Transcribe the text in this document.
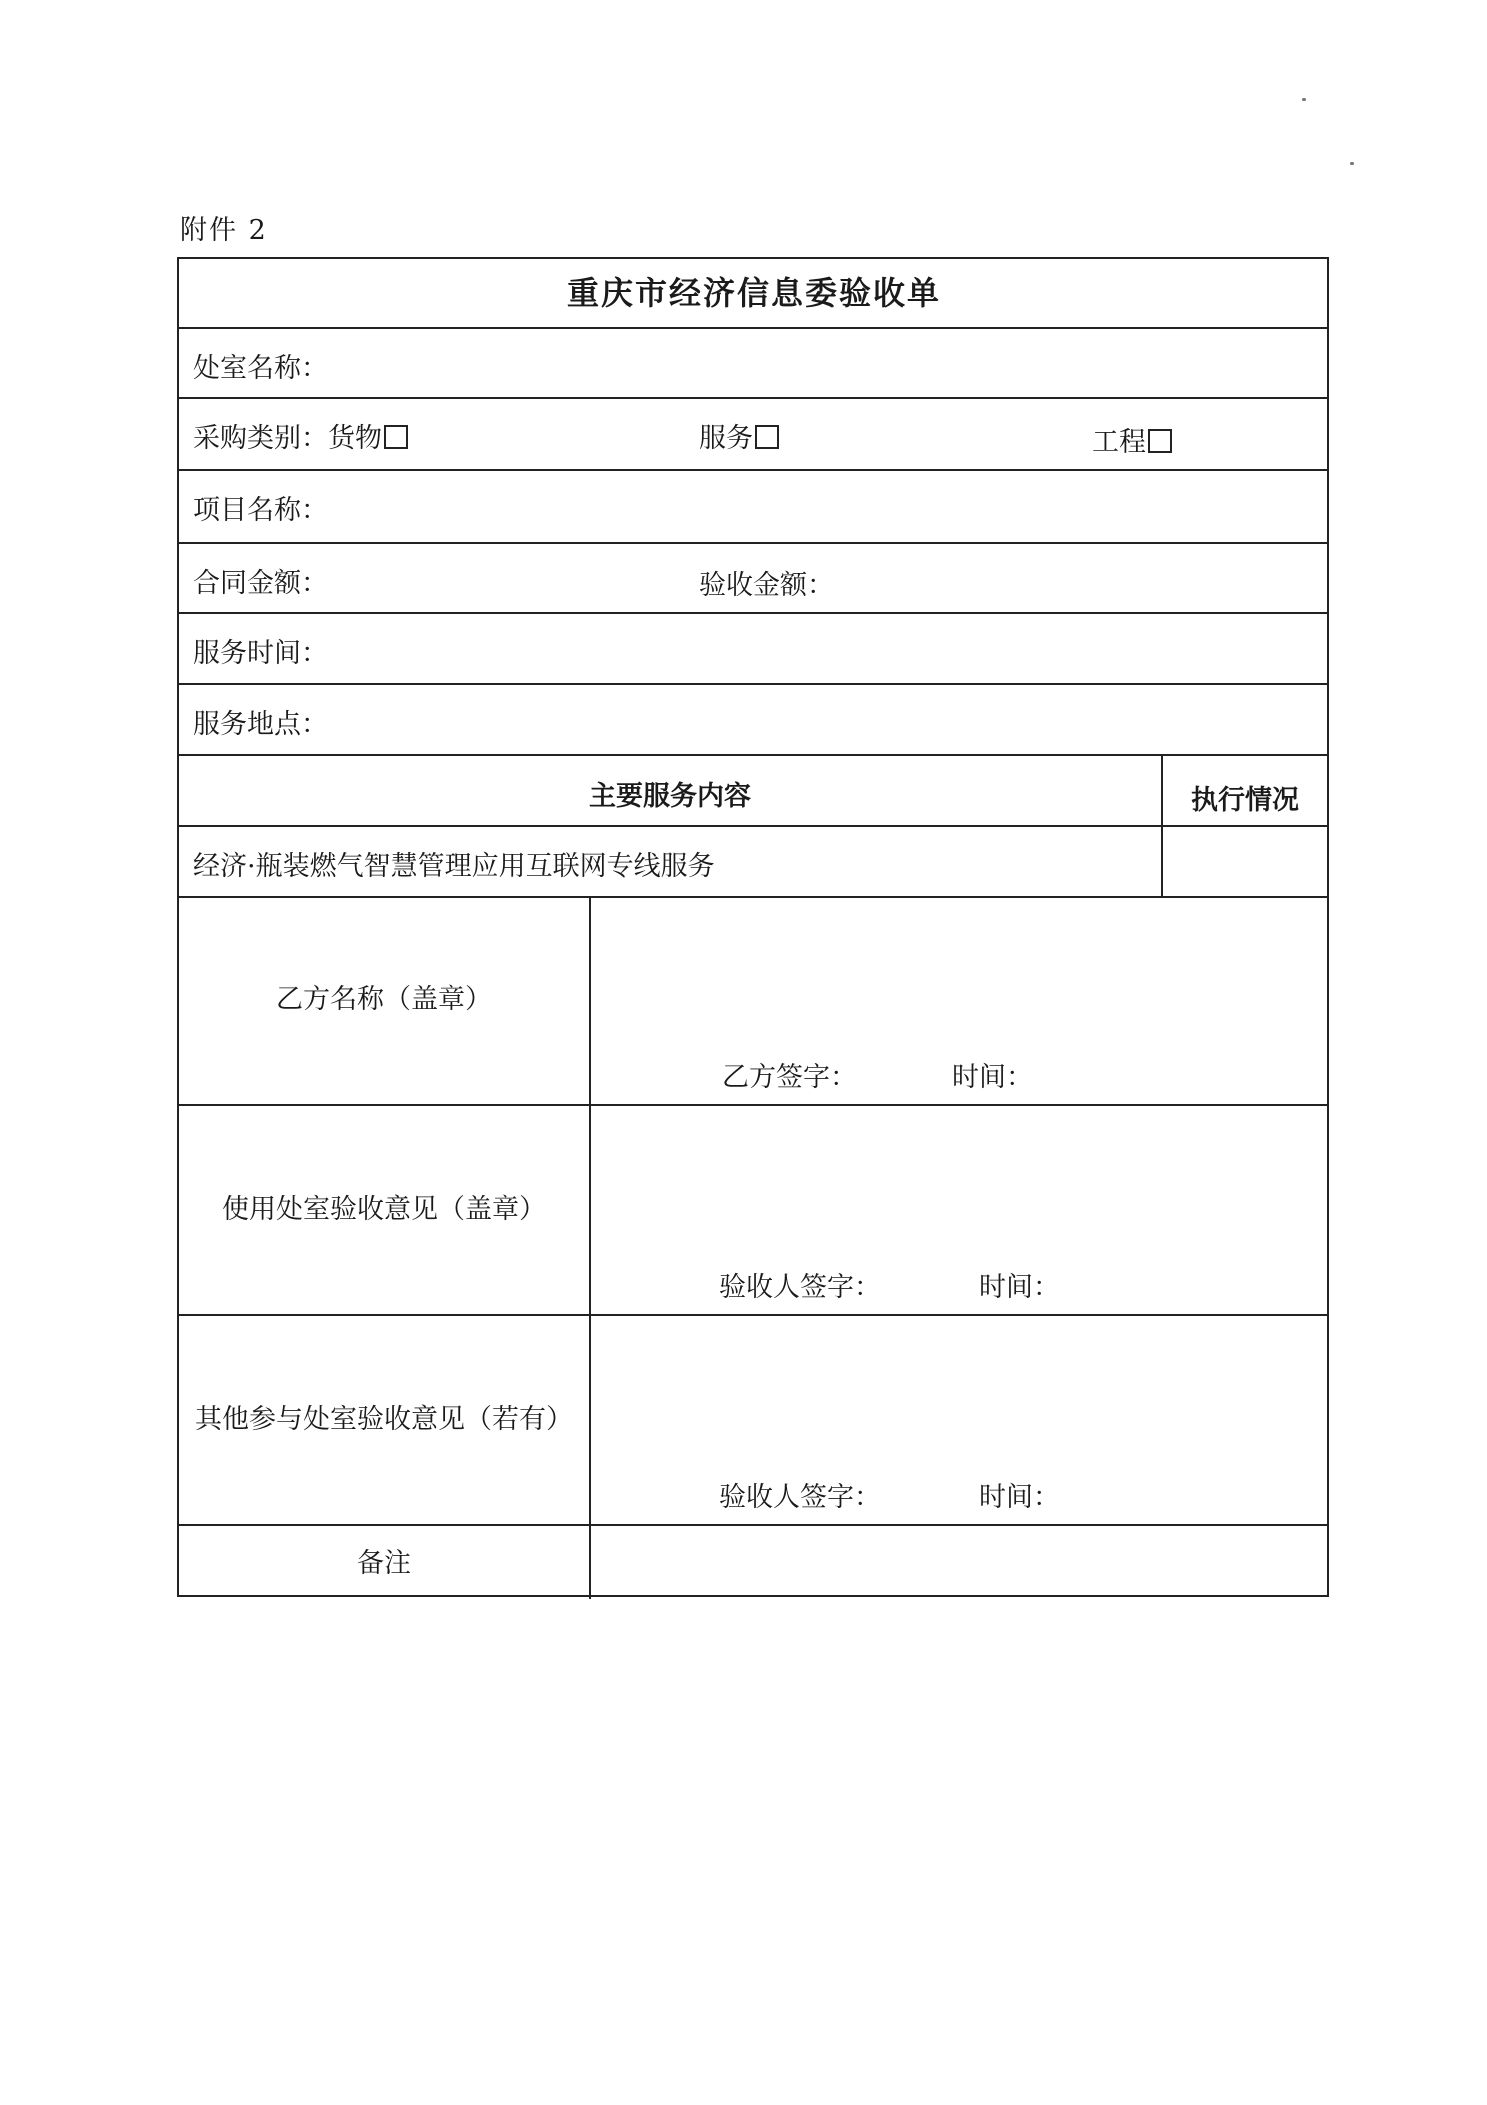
附件 2
重庆市经济信息委验收单
处室名称：
采购类别：货物	服务	工程
项目名称：
合同金额：	验收金额：
服务时间：
服务地点：
主要服务内容	执行情况
经济·瓶装燃气智慧管理应用互联网专线服务
乙方名称（盖章）
乙方签字：	时间：
使用处室验收意见（盖章）
验收人签字：	时间：
其他参与处室验收意见（若有）
验收人签字：	时间：
备注
